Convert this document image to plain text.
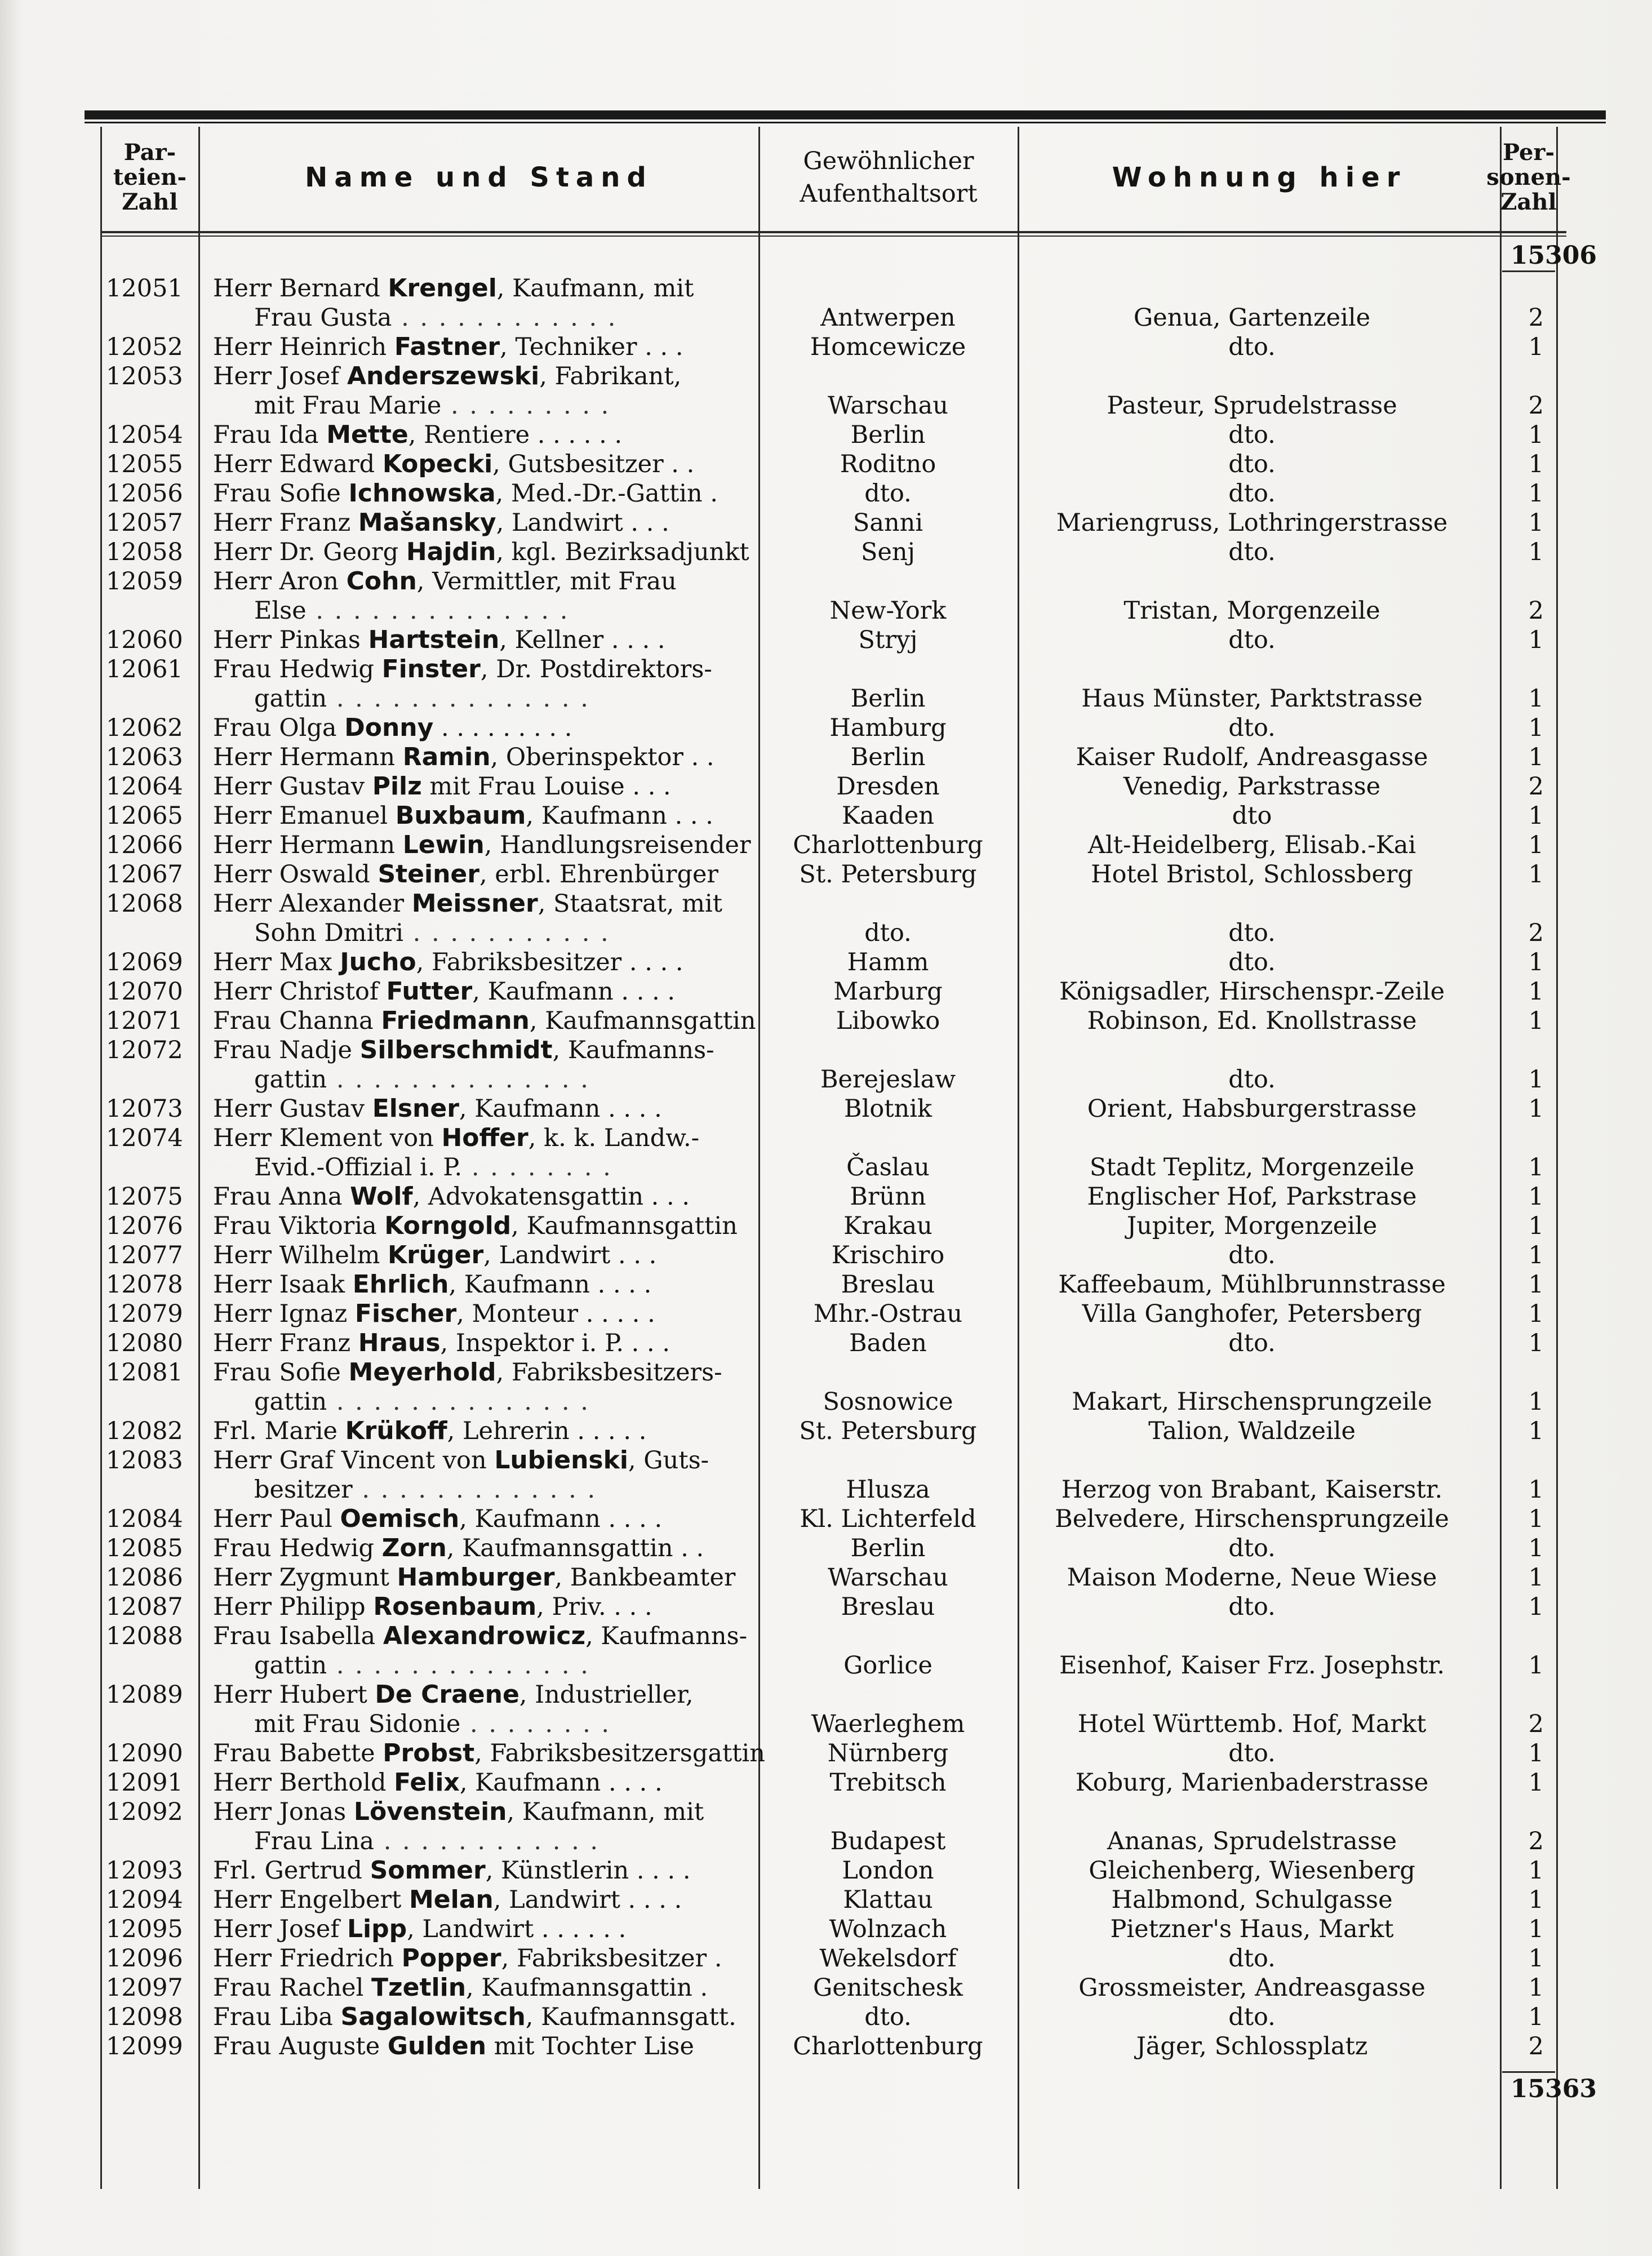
Par-
teien-
Zahl
Name und Stand
Gewöhnlicher
Aufenthaltsort
Wohnung hier
Per-
sonen-
Zahl
15306
12051 Herr Bernard Krengel, Kaufmann, mit
Frau Gusta . . . . . . . . . . . .	Antwerpen	Genua, Gartenzeile	2
12052 Herr Heinrich Fastner, Techniker . . .	Homcewicze	dto.	1
12053 Herr Josef Anderszewski, Fabrikant,
mit Frau Marie . . . . . . . . .	Warschau	Pasteur, Sprudelstrasse	2
12054 Frau Ida Mette, Rentiere . . . . . .	Berlin	dto.	1
12055 Herr Edward Kopecki, Gutsbesitzer . .	Roditno	dto.	1
12056 Frau Sofie Ichnowska, Med.-Dr.-Gattin .	dto.	dto.	1
12057 Herr Franz Mašansky, Landwirt . . .	Sanni	Mariengruss, Lothringerstrasse	1
12058 Herr Dr. Georg Hajdin, kgl. Bezirksadjunkt	Senj	dto.	1
12059 Herr Aron Cohn, Vermittler, mit Frau
Else . . . . . . . . . . . . . .	New-York	Tristan, Morgenzeile	2
12060 Herr Pinkas Hartstein, Kellner . . . .	Stryj	dto.	1
12061 Frau Hedwig Finster, Dr. Postdirektors-
gattin . . . . . . . . . . . . . .	Berlin	Haus Münster, Parktstrasse	1
12062 Frau Olga Donny . . . . . . . . .	Hamburg	dto.	1
12063 Herr Hermann Ramin, Oberinspektor . .	Berlin	Kaiser Rudolf, Andreasgasse	1
12064 Herr Gustav Pilz mit Frau Louise . . .	Dresden	Venedig, Parkstrasse	2
12065 Herr Emanuel Buxbaum, Kaufmann . . .	Kaaden	dto	1
12066 Herr Hermann Lewin, Handlungsreisender	Charlottenburg	Alt-Heidelberg, Elisab.-Kai	1
12067 Herr Oswald Steiner, erbl. Ehrenbürger	St. Petersburg	Hotel Bristol, Schlossberg	1
12068 Herr Alexander Meissner, Staatsrat, mit
Sohn Dmitri . . . . . . . . . . .	dto.	dto.	2
12069 Herr Max Jucho, Fabriksbesitzer . . . .	Hamm	dto.	1
12070 Herr Christof Futter, Kaufmann . . . .	Marburg	Königsadler, Hirschenspr.-Zeile	1
12071 Frau Channa Friedmann, Kaufmannsgattin	Libowko	Robinson, Ed. Knollstrasse	1
12072 Frau Nadje Silberschmidt, Kaufmanns-
gattin . . . . . . . . . . . . . .	Berejeslaw	dto.	1
12073 Herr Gustav Elsner, Kaufmann . . . .	Blotnik	Orient, Habsburgerstrasse	1
12074 Herr Klement von Hoffer, k. k. Landw.-
Evid.-Offizial i. P. . . . . . . . .	Časlau	Stadt Teplitz, Morgenzeile	1
12075 Frau Anna Wolf, Advokatensgattin . . .	Brünn	Englischer Hof, Parkstrase	1
12076 Frau Viktoria Korngold, Kaufmannsgattin	Krakau	Jupiter, Morgenzeile	1
12077 Herr Wilhelm Krüger, Landwirt . . .	Krischiro	dto.	1
12078 Herr Isaak Ehrlich, Kaufmann . . . .	Breslau	Kaffeebaum, Mühlbrunnstrasse	1
12079 Herr Ignaz Fischer, Monteur . . . . .	Mhr.-Ostrau	Villa Ganghofer, Petersberg	1
12080 Herr Franz Hraus, Inspektor i. P. . . .	Baden	dto.	1
12081 Frau Sofie Meyerhold, Fabriksbesitzers-
gattin . . . . . . . . . . . . . .	Sosnowice	Makart, Hirschensprungzeile	1
12082 Frl. Marie Krükoff, Lehrerin . . . . .	St. Petersburg	Talion, Waldzeile	1
12083 Herr Graf Vincent von Lubienski, Guts-
besitzer . . . . . . . . . . . . .	Hlusza	Herzog von Brabant, Kaiserstr.	1
12084 Herr Paul Oemisch, Kaufmann . . . .	Kl. Lichterfeld	Belvedere, Hirschensprungzeile	1
12085 Frau Hedwig Zorn, Kaufmannsgattin . .	Berlin	dto.	1
12086 Herr Zygmunt Hamburger, Bankbeamter	Warschau	Maison Moderne, Neue Wiese	1
12087 Herr Philipp Rosenbaum, Priv. . . .	Breslau	dto.	1
12088 Frau Isabella Alexandrowicz, Kaufmanns-
gattin . . . . . . . . . . . . . .	Gorlice	Eisenhof, Kaiser Frz. Josephstr.	1
12089 Herr Hubert De Craene, Industrieller,
mit Frau Sidonie . . . . . . . .	Waerleghem	Hotel Württemb. Hof, Markt	2
12090 Frau Babette Probst, Fabriksbesitzersgattin	Nürnberg	dto.	1
12091 Herr Berthold Felix, Kaufmann . . . .	Trebitsch	Koburg, Marienbaderstrasse	1
12092 Herr Jonas Lövenstein, Kaufmann, mit
Frau Lina . . . . . . . . . . . .	Budapest	Ananas, Sprudelstrasse	2
12093 Frl. Gertrud Sommer, Künstlerin . . . .	London	Gleichenberg, Wiesenberg	1
12094 Herr Engelbert Melan, Landwirt . . . .	Klattau	Halbmond, Schulgasse	1
12095 Herr Josef Lipp, Landwirt . . . . . .	Wolnzach	Pietzner's Haus, Markt	1
12096 Herr Friedrich Popper, Fabriksbesitzer .	Wekelsdorf	dto.	1
12097 Frau Rachel Tzetlin, Kaufmannsgattin .	Genitschesk	Grossmeister, Andreasgasse	1
12098 Frau Liba Sagalowitsch, Kaufmannsgatt.	dto.	dto.	1
12099 Frau Auguste Gulden mit Tochter Lise	Charlottenburg	Jäger, Schlossplatz	2
15363
